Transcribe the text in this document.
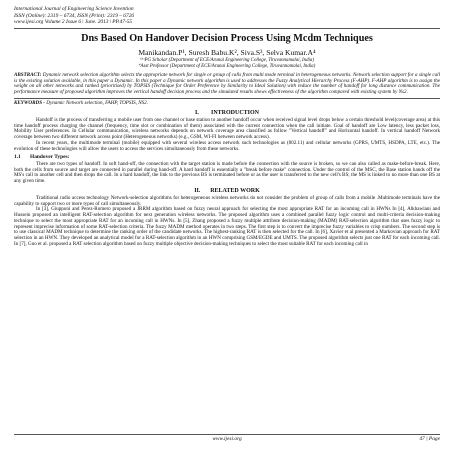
International Journal of Engineering Science Invention
ISSN (Online): 2319 – 6734, ISSN (Print): 2319 – 6726
www.ijesi.org Volume 2 Issue 6 ǀ June. 2013 ǀ PP.47-55
Dns Based On Handover Decision Process Using Mcdm Techniques
Manikandan.P¹, Suresh Babu.K², Siva.S³, Selva Kumar.A⁴
¹ʲʳʴPG Scholar (Department of ECE/Arunai Engineering College, Tiruvannamalai, India)
⁴Asst Professor (Department of ECE/Arunai Engineering College, Tiruvannamalai, India)
ABSTRACT: Dynamic network selection algorithm selects the appropriate network for single or group of calls from multi mode terminal in heterogeneous networks. Network selection support for a single call is the existing solution available, in this paper a Dynamic. In this paper a Dynamic network algorithm is used to addresses the Fuzzy Analytical Hierarchy Process (F-AHP). F-AHP algorithm is to assign the weight on all other networks and ranked (prioritised) by TOPSIS (Technique for Order Preference by Similarity to Ideal Solution) with reduce the number of handoff for long distance communication. The performance measure of proposed algorithm improves the vertical handoff decision process and the simulated results shows effectiveness of the algorithm compared with existing system by Ns2.
KEYWORDS - Dynamic Network selection, FAHP, TOPSIS, NS2.
I. INTRODUCTION

Handoff is the process of transferring a mobile user from one channel or base station to another handoff occur when received signal level drops below a certain threshold level(coverage area) at this time handoff process charging the channel (frequency, time slot or combination of them) associated with the current connection when the call initiate. Goal of handoff are Low latency, less packet loss, Mobility User preferences. In Cellular communication, wireless networks depends on network coverage area classified as follow "Vertical handoff" and Horizontal handoff. In vertical handoff Network coverage between two different network access point (Heterogeneous networks) (e.g., GSM, WI-FI between network access).

In recent years, the multimode terminal (mobile) equipped with several wireless access network such technologies as (802.11) and cellular networks (GPRS, UMTS, HSDPA, LTE, etc.). The evolution of these technologies will allow the users to access the services simultaneously from these networks.

1.1 Handover Types:

There are two types of handoff. In soft hand-off, the connection with the target station is made before the connection with the source is broken, so we can also called as make-before-break. Here, both the cells from source and target are connected in parallel during hand-off. A hard handoff is essentially a "break before make" connection. Under the control of the MSC, the Base station hands off the MS's call to another cell and then drops the call. In a hard handoff, the link to the previous BS is terminated before or as the user is transferred to the new cell's BS; the MS is linked to no more than one BS at any given time.

II. RELATED WORK

Traditional radio access technology Network-selection algorithms for heterogeneous wireless networks do not consider the problem of group of calls from a mobile .Multimode terminals have the capability to support two or more types of call simultaneously.

In [3], Giupponi and Perez-Romero proposed a JRRM algorithm based on fuzzy neural approach for selecting the most appropriate RAT for an incoming call in HWNs In [4], Alkhawlani and Hussein proposed an intelligent RAT-selection algorithm for next generation wireless networks. The proposed algorithm uses a combined parallel fuzzy logic control and multi-criteria decision-making technique to select the most appropriate RAT for an incoming call in HWNs. In [5], Zhang proposed a fuzzy multiple attribute decision-making (MADM) RAT-selection algorithm that uses fuzzy logic to represent imprecise information of some RAT-selection criteria. The fuzzy MADM method operates in two steps. The first step is to convert the imprecise fuzzy variables to crisp numbers. The second step is to use classical MADM technique to determine the ranking order of the candidate networks. The highest-ranking RAT is then selected for the call. In [6], Xavier et al presented a Markovian approach for RAT selection in an HWN. They developed an analytical model for a RAT-selection algorithm in an HWN comprising GSM/EGDE and UMTS. The proposed algorithm selects just one RAT for each incoming call. In [7], Guo et al. proposed a RAT selection algorithm based on fuzzy multiple objective decision-making techniques to select the most suitable RAT for each incoming call in

www.ijesi.org	47 | Page
